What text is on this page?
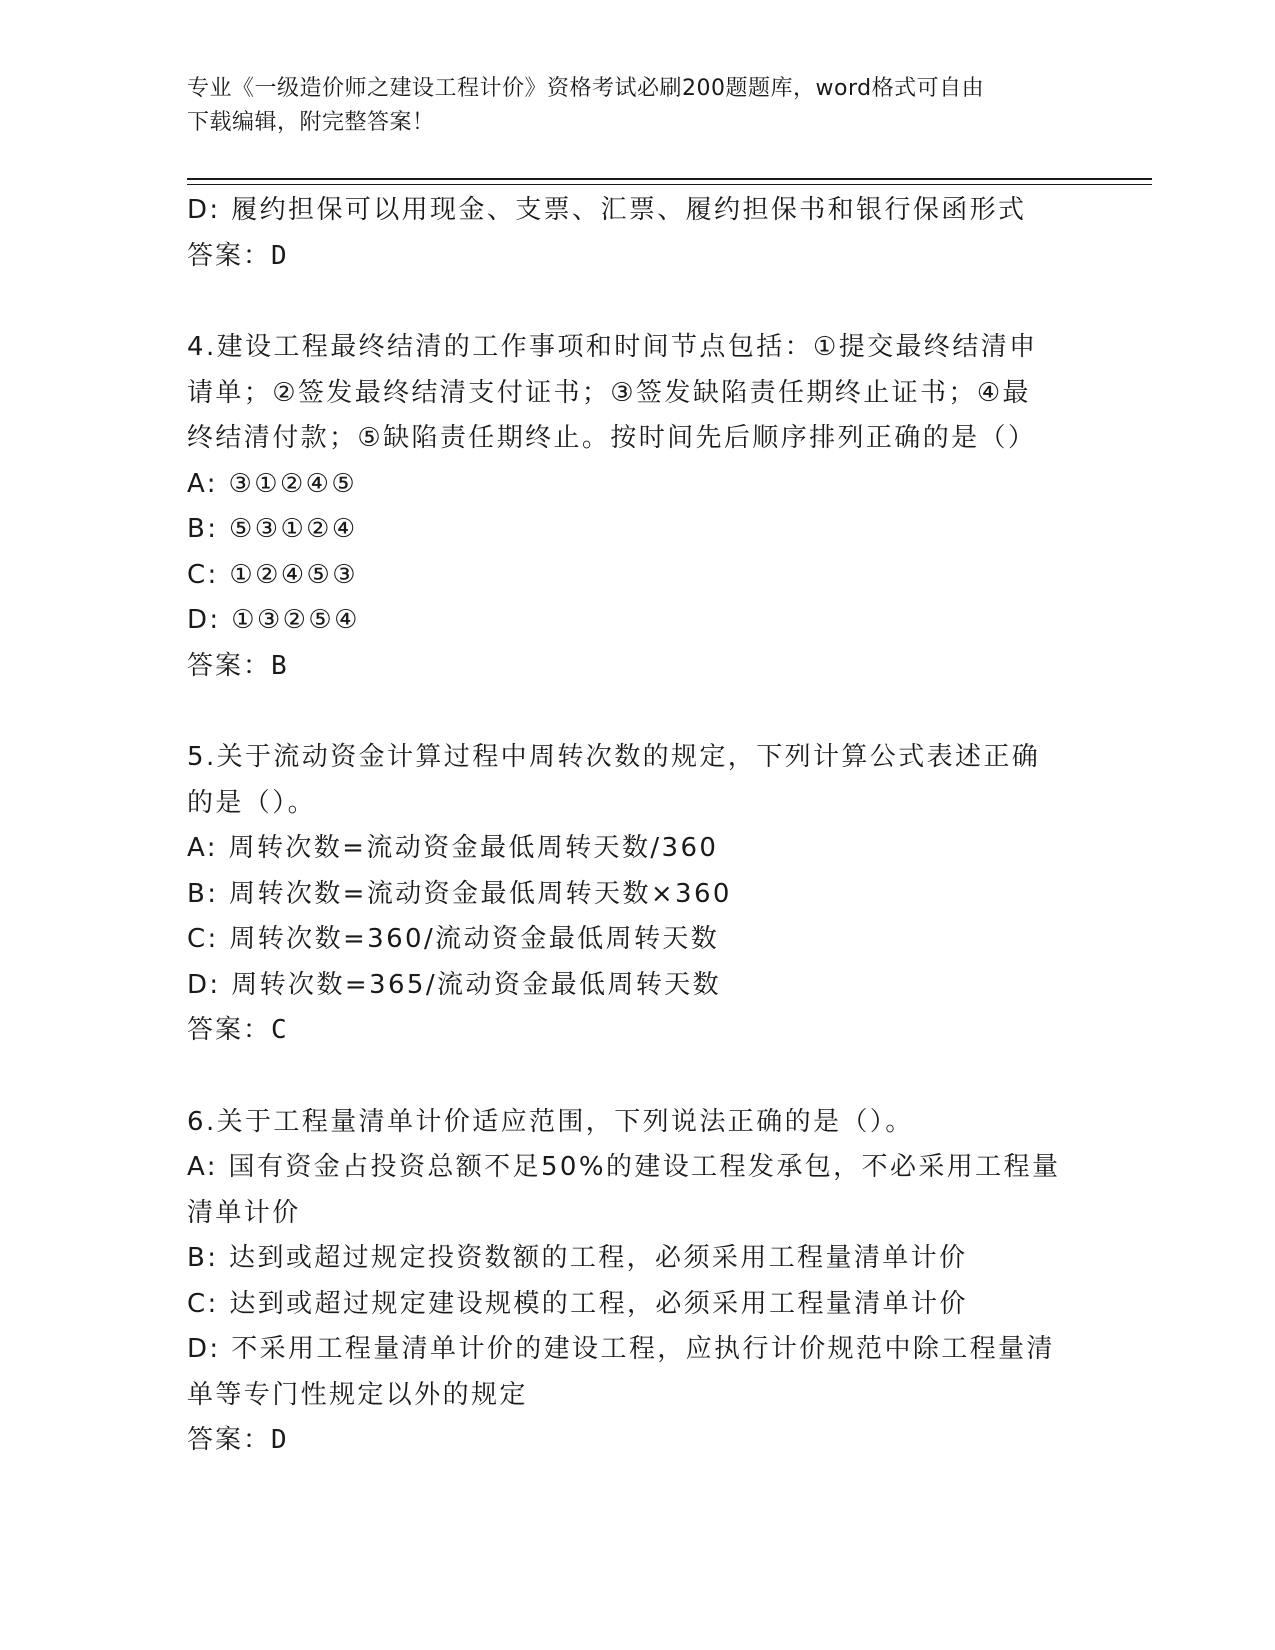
专业《一级造价师之建设工程计价》资格考试必刷200题题库，word格式可自由
下载编辑，附完整答案！
D: 履约担保可以用现金、支票、汇票、履约担保书和银行保函形式
答案：D
4.建设工程最终结清的工作事项和时间节点包括：①提交最终结清申
请单；②签发最终结清支付证书；③签发缺陷责任期终止证书；④最
终结清付款；⑤缺陷责任期终止。按时间先后顺序排列正确的是（）
A: ③①②④⑤
B: ⑤③①②④
C: ①②④⑤③
D: ①③②⑤④
答案：B
5.关于流动资金计算过程中周转次数的规定，下列计算公式表述正确
的是（）。
A: 周转次数=流动资金最低周转天数/360
B: 周转次数=流动资金最低周转天数×360
C: 周转次数=360/流动资金最低周转天数
D: 周转次数=365/流动资金最低周转天数
答案：C
6.关于工程量清单计价适应范围，下列说法正确的是（）。
A: 国有资金占投资总额不足50%的建设工程发承包，不必采用工程量
清单计价
B: 达到或超过规定投资数额的工程，必须采用工程量清单计价
C: 达到或超过规定建设规模的工程，必须采用工程量清单计价
D: 不采用工程量清单计价的建设工程，应执行计价规范中除工程量清
单等专门性规定以外的规定
答案：D
